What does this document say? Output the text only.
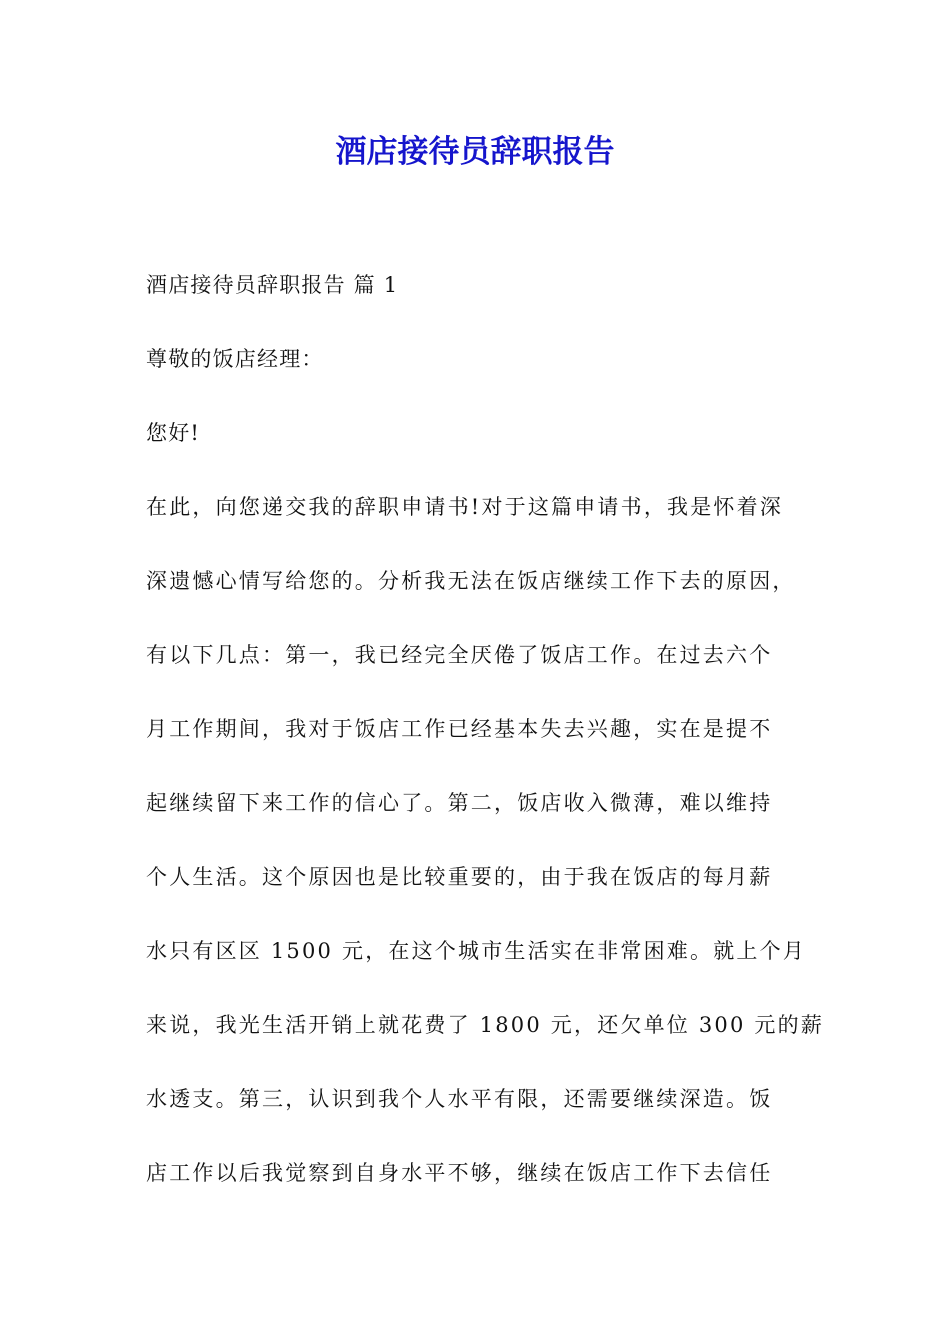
酒店接待员辞职报告
酒店接待员辞职报告 篇 1
尊敬的饭店经理：
您好!
在此，向您递交我的辞职申请书!对于这篇申请书，我是怀着深
深遗憾心情写给您的。分析我无法在饭店继续工作下去的原因，
有以下几点：第一，我已经完全厌倦了饭店工作。在过去六个
月工作期间，我对于饭店工作已经基本失去兴趣，实在是提不
起继续留下来工作的信心了。第二，饭店收入微薄，难以维持
个人生活。这个原因也是比较重要的，由于我在饭店的每月薪
水只有区区 1500 元，在这个城市生活实在非常困难。就上个月
来说，我光生活开销上就花费了 1800 元，还欠单位 300 元的薪
水透支。第三，认识到我个人水平有限，还需要继续深造。饭
店工作以后我觉察到自身水平不够，继续在饭店工作下去信任
